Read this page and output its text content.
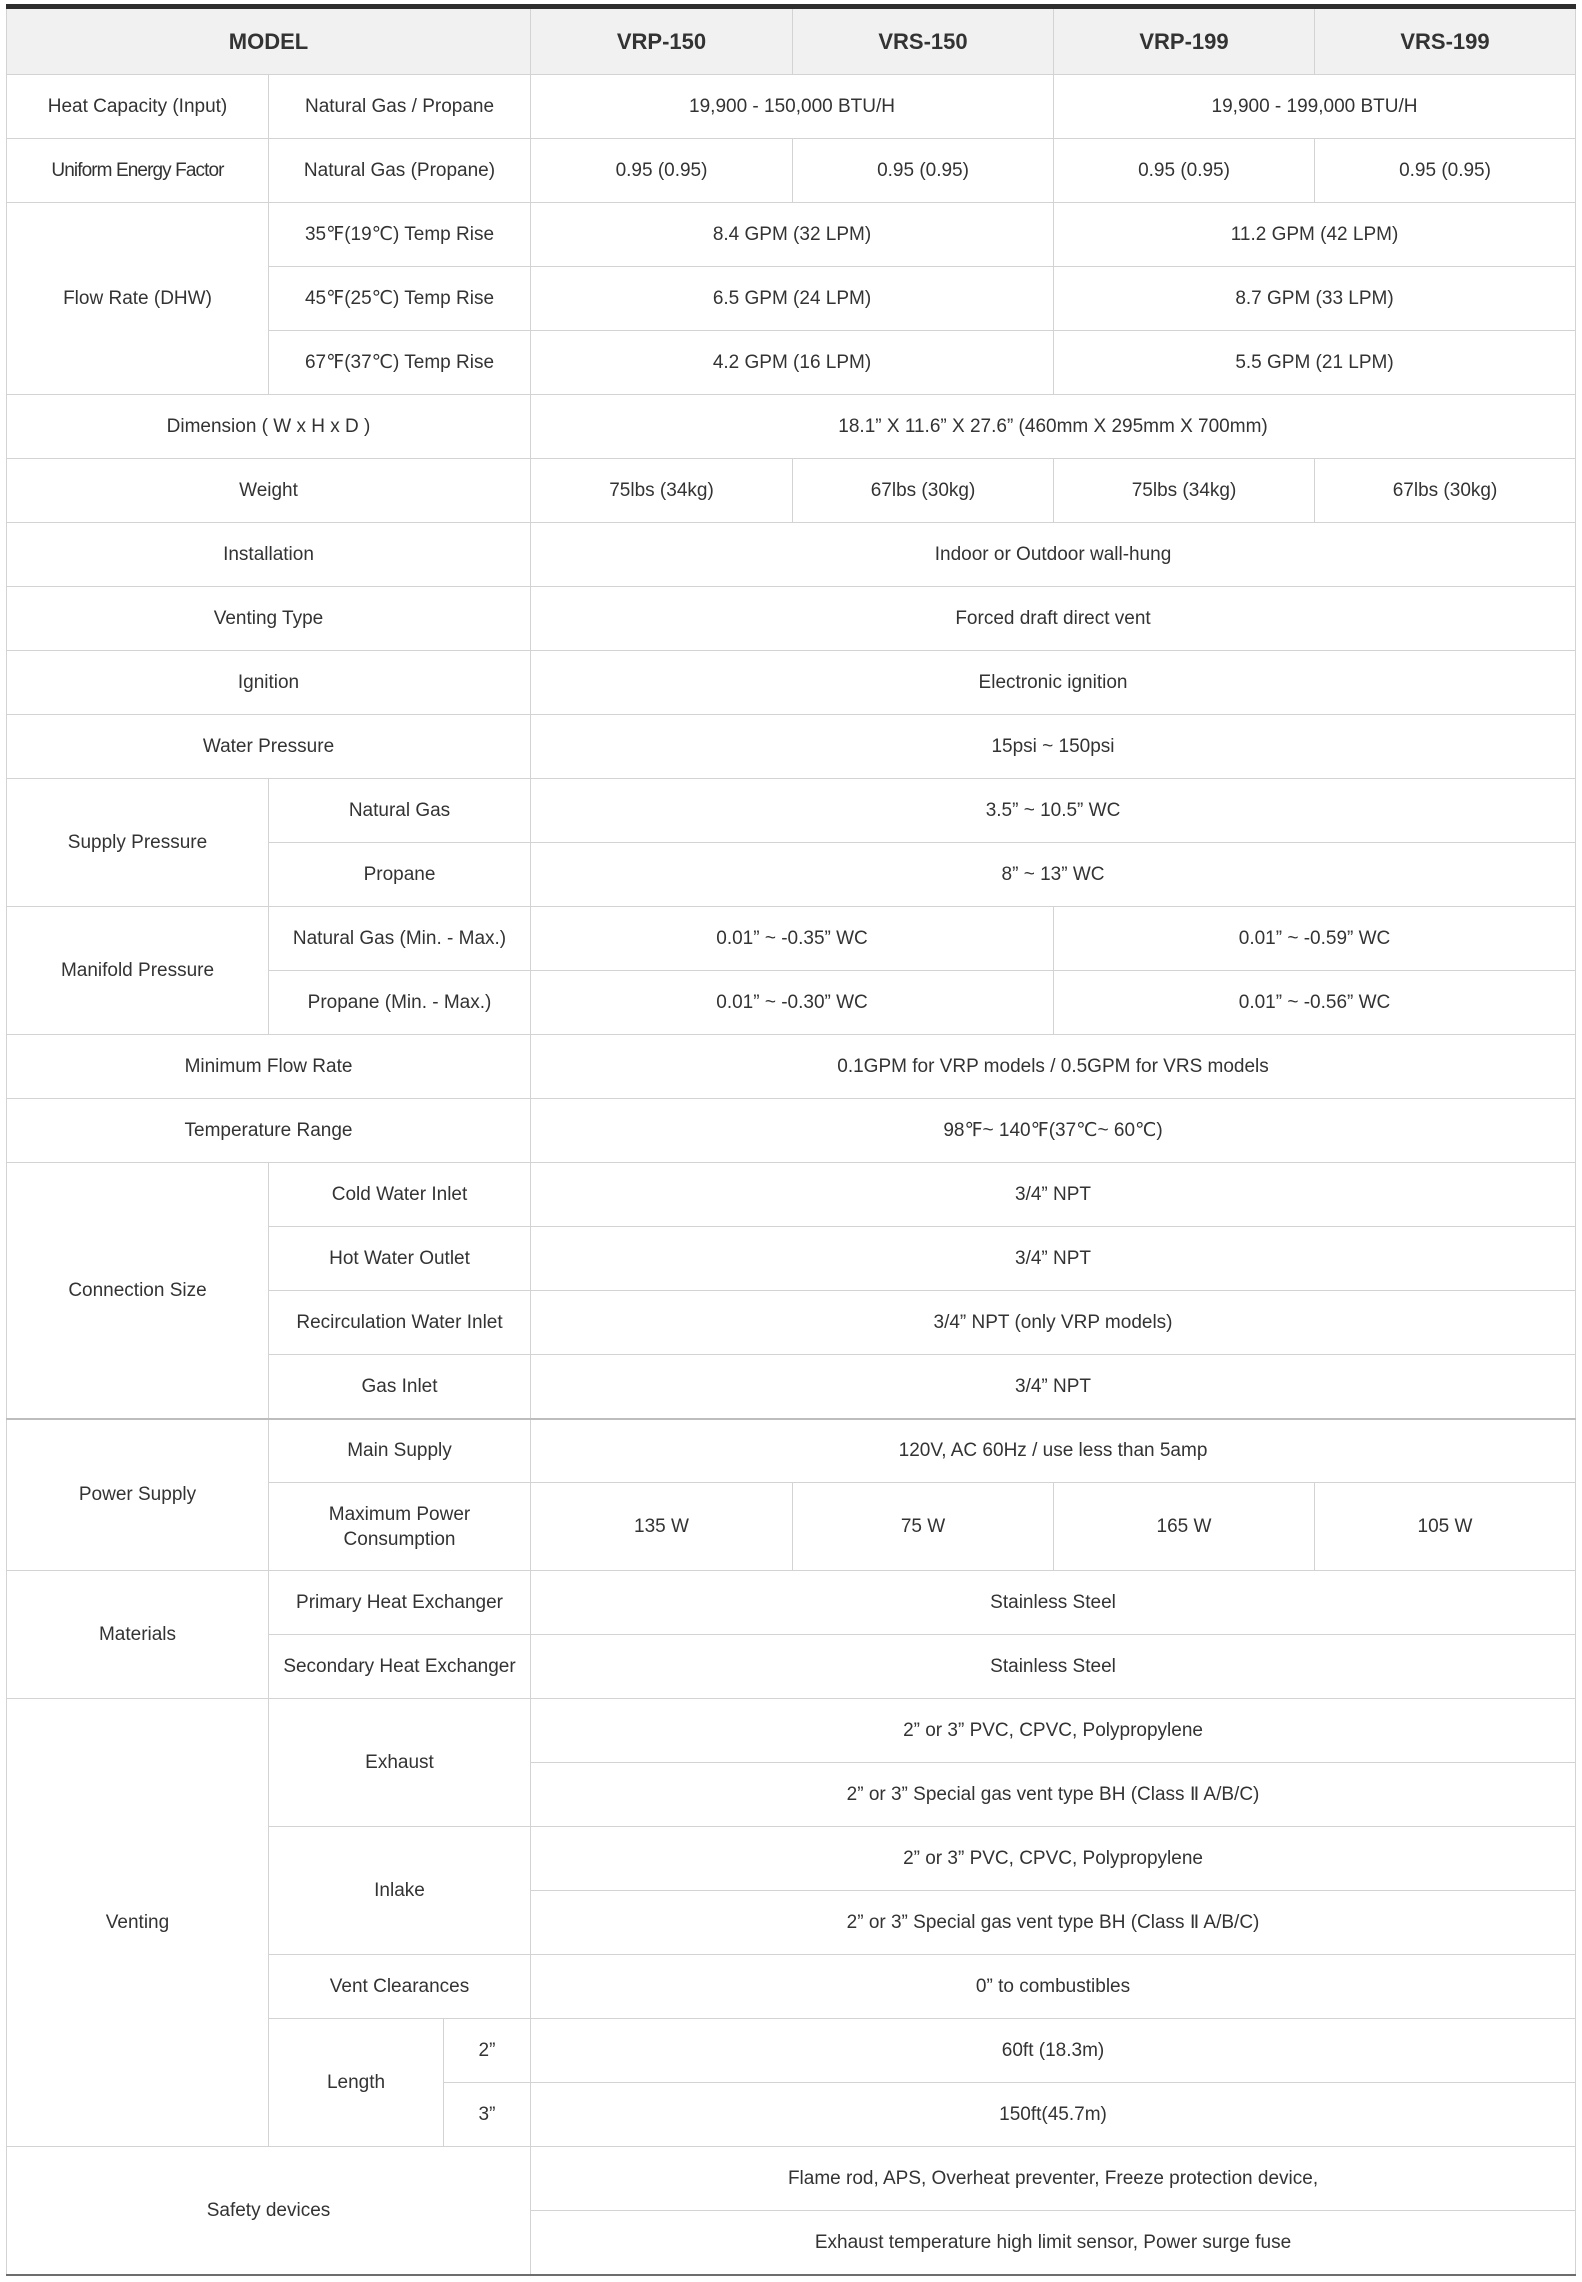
MODEL			VRP-150	VRS-150	VRP-199	VRS-199
Heat Capacity (Input)	Natural Gas / Propane		19,900 - 150,000 BTU/H		19,900 - 199,000 BTU/H	
Uniform Energy Factor	Natural Gas (Propane)		0.95 (0.95)	0.95 (0.95)	0.95 (0.95)	0.95 (0.95)
Flow Rate (DHW)	35℉(19℃) Temp Rise		8.4 GPM (32 LPM)		11.2 GPM (42 LPM)	
	45℉(25℃) Temp Rise		6.5 GPM (24 LPM)		8.7 GPM (33 LPM)	
	67℉(37℃) Temp Rise		4.2 GPM (16 LPM)		5.5 GPM (21 LPM)	
Dimension ( W x H x D )			18.1” X 11.6” X 27.6” (460mm X 295mm X 700mm)			
Weight			75lbs (34kg)	67lbs (30kg)	75lbs (34kg)	67lbs (30kg)
Installation			Indoor or Outdoor wall-hung			
Venting Type			Forced draft direct vent			
Ignition			Electronic ignition			
Water Pressure			15psi ~ 150psi			
Supply Pressure	Natural Gas		3.5” ~ 10.5” WC			
	Propane		8” ~ 13” WC			
Manifold Pressure	Natural Gas (Min. - Max.)		0.01” ~ -0.35” WC		0.01” ~ -0.59” WC	
	Propane (Min. - Max.)		0.01” ~ -0.30” WC		0.01” ~ -0.56” WC	
Minimum Flow Rate			0.1GPM for VRP models / 0.5GPM for VRS models			
Temperature Range			98℉~ 140℉(37℃~ 60℃)			
Connection Size	Cold Water Inlet		3/4” NPT			
	Hot Water Outlet		3/4” NPT			
	Recirculation Water Inlet		3/4” NPT (only VRP models)			
	Gas Inlet		3/4” NPT			
Power Supply	Main Supply		120V, AC 60Hz / use less than 5amp			
	Maximum Power Consumption		135 W	75 W	165 W	105 W
Materials	Primary Heat Exchanger		Stainless Steel			
	Secondary Heat Exchanger		Stainless Steel			
Venting	Exhaust		2” or 3” PVC, CPVC, Polypropylene			
			2” or 3” Special gas vent type BH (Class Ⅱ A/B/C)			
	Inlake		2” or 3” PVC, CPVC, Polypropylene			
			2” or 3” Special gas vent type BH (Class Ⅱ A/B/C)			
	Vent Clearances		0” to combustibles			
	Length	2”	60ft (18.3m)			
		3”	150ft(45.7m)			
Safety devices			Flame rod, APS, Overheat preventer, Freeze protection device,			
			Exhaust temperature high limit sensor, Power surge fuse			
